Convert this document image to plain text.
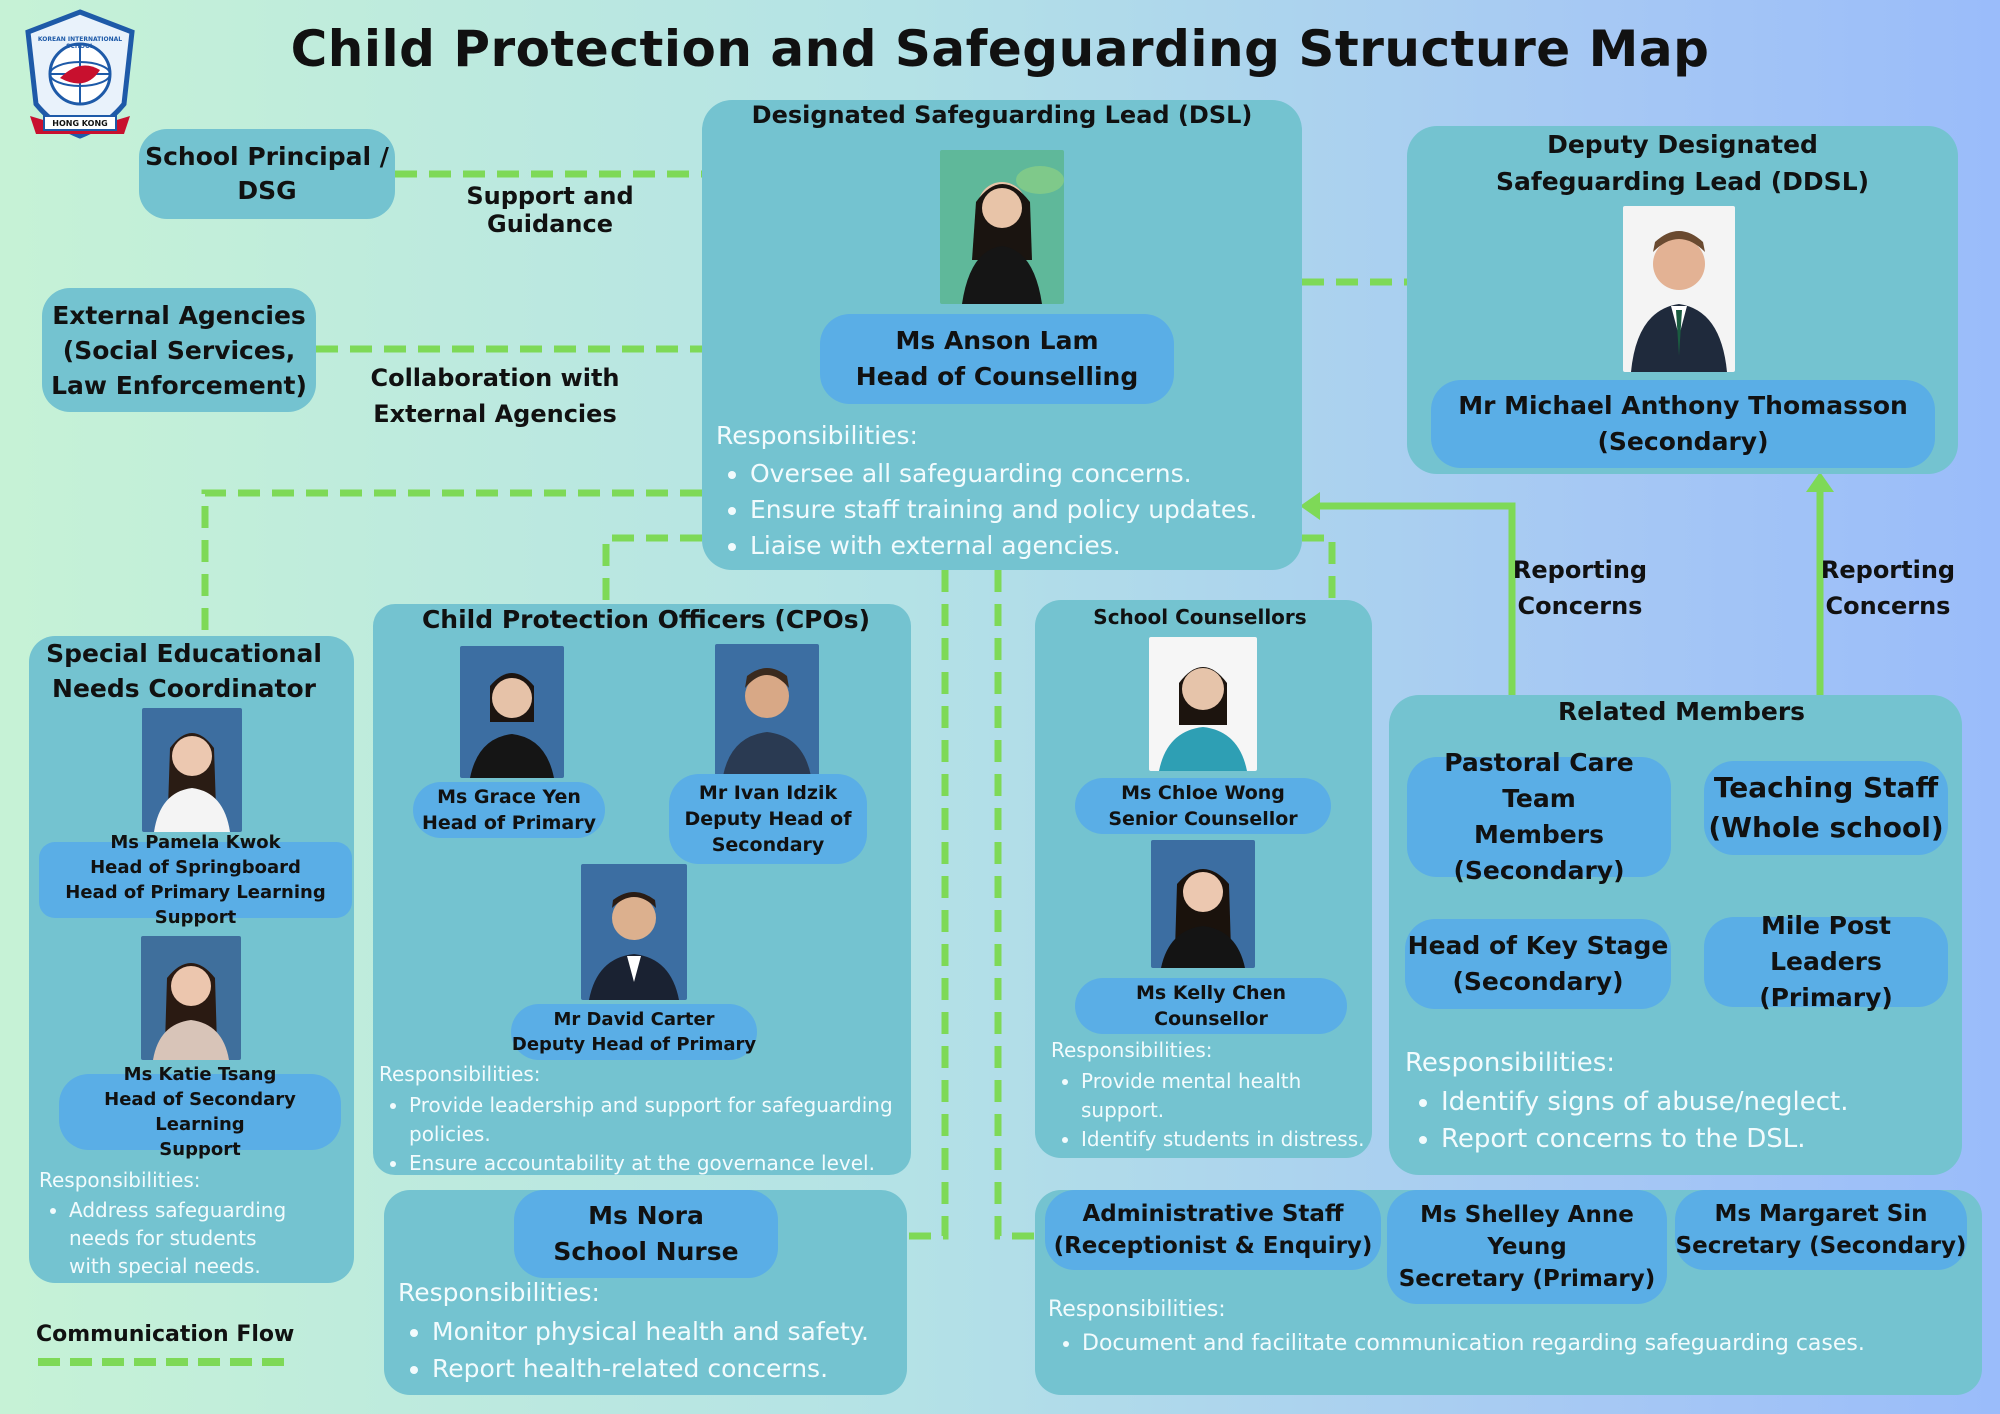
Child Protection and Safeguarding Structure Map
KOREAN INTERNATIONAL SCHOOL
HONG KONG
School Principal /
DSG	Support and Guidance
External Agencies
(Social Services,
Law Enforcement)	Collaboration with
External Agencies
Designated Safeguarding Lead (DSL)
Ms Anson Lam
Head of Counselling
Responsibilities:
• Oversee all safeguarding concerns.
• Ensure staff training and policy updates.
• Liaise with external agencies.
Deputy Designated
Safeguarding Lead (DDSL)
Mr Michael Anthony Thomasson
(Secondary)
Reporting
Concerns
Reporting
Concerns
Special Educational
Needs Coordinator
Ms Pamela Kwok
Head of Springboard
Head of Primary Learning Support
Ms Katie Tsang
Head of Secondary Learning
Support
Responsibilities:
• Address safeguarding needs for students with special needs.
Child Protection Officers (CPOs)
Ms Grace Yen
Head of Primary
Mr Ivan Idzik
Deputy Head of
Secondary
Mr David Carter
Deputy Head of Primary
Responsibilities:
• Provide leadership and support for safeguarding policies.
• Ensure accountability at the governance level.
School Counsellors
Ms Chloe Wong
Senior Counsellor
Ms Kelly Chen
Counsellor
Responsibilities:
• Provide mental health support.
• Identify students in distress.
Related Members
Pastoral Care Team
Members
(Secondary)
Teaching Staff
(Whole school)
Head of Key Stage
(Secondary)
Mile Post Leaders
(Primary)
Responsibilities:
• Identify signs of abuse/neglect.
• Report concerns to the DSL.
Ms Nora
School Nurse
Responsibilities:
• Monitor physical health and safety.
• Report health-related concerns.
Administrative Staff
(Receptionist & Enquiry)
Ms Shelley Anne
Yeung
Secretary (Primary)
Ms Margaret Sin
Secretary (Secondary)
Responsibilities:
• Document and facilitate communication regarding safeguarding cases.
Communication Flow
